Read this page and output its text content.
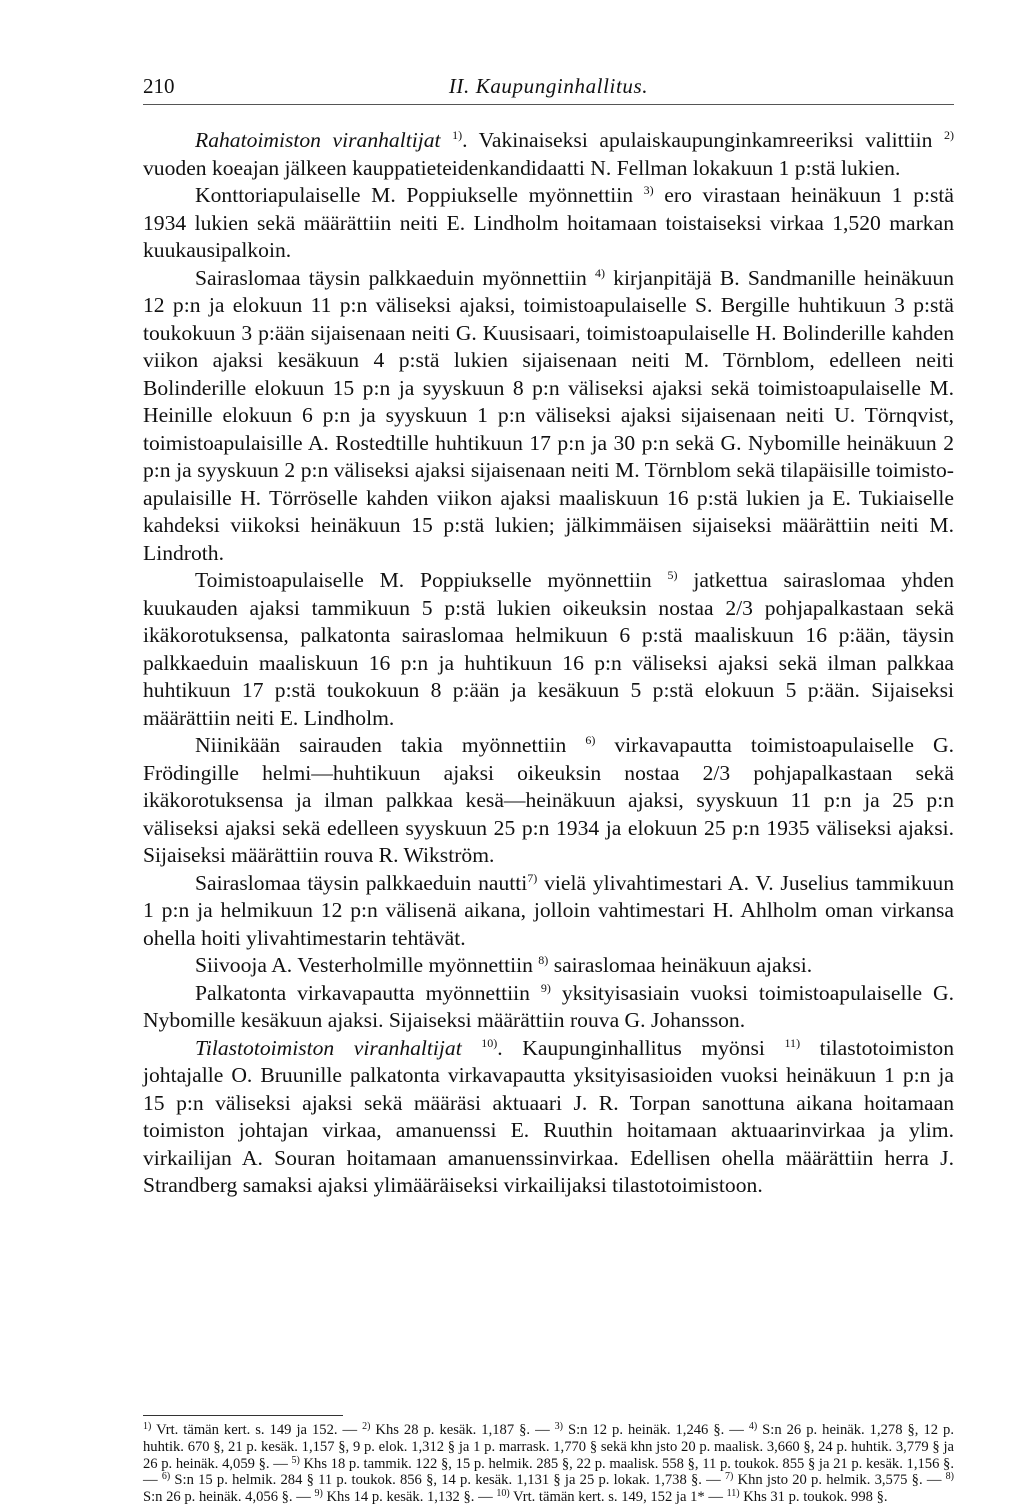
210	II. Kaupunginhallitus.

Rahatoimiston viranhaltijat $^{1)}$. Vakinaiseksi apulaiskaupunginkamreeriksi valittiin $^{2)}$ vuoden koeajan jälkeen kauppatieteidenkandidaatti N. Fellman lokakuun 1 p:stä lukien.

Konttoriapulaiselle M. Poppiukselle myönnettiin $^{3)}$ ero virastaan heinäkuun 1 p:stä 1934 lukien sekä määrättiin neiti E. Lindholm hoitamaan toistaiseksi virkaa 1,520 markan kuukausipalkoin.

Sairaslomaa täysin palkkaeduin myönnettiin $^{4)}$ kirjanpitäjä B. Sandmanille heinäkuun 12 p:n ja elokuun 11 p:n väliseksi ajaksi, toimistoapulaiselle S. Bergille huhtikuun 3 p:stä toukokuun 3 p:ään sijaisenaan neiti G. Kuusisaari, toimistoapulaiselle H. Bolinderille kahden viikon ajaksi kesäkuun 4 p:stä lukien sijaisenaan neiti M. Törnblom, edelleen neiti Bolinderille elokuun 15 p:n ja syyskuun 8 p:n väliseksi ajaksi sekä toimistoapulaiselle M. Heinille elokuun 6 p:n ja syyskuun 1 p:n väliseksi ajaksi sijaisenaan neiti U. Törnqvist, toimistoapulaisille A. Rostedtille huhtikuun 17 p:n ja 30 p:n sekä G. Nybomille heinäkuun 2 p:n ja syyskuun 2 p:n väliseksi ajaksi sijaisenaan neiti M. Törnblom sekä tilapäisille toimisto-apulaisille H. Törröselle kahden viikon ajaksi maaliskuun 16 p:stä lukien ja E. Tukiaiselle kahdeksi viikoksi heinäkuun 15 p:stä lukien; jälkimmäisen sijaiseksi määrättiin neiti M. Lindroth.

Toimistoapulaiselle M. Poppiukselle myönnettiin $^{5)}$ jatkettua sairaslomaa yhden kuukauden ajaksi tammikuun 5 p:stä lukien oikeuksin nostaa 2/3 pohjapalkastaan sekä ikäkorotuksensa, palkatonta sairaslomaa helmikuun 6 p:stä maaliskuun 16 p:ään, täysin palkkaeduin maaliskuun 16 p:n ja huhtikuun 16 p:n väliseksi ajaksi sekä ilman palkkaa huhtikuun 17 p:stä toukokuun 8 p:ään ja kesäkuun 5 p:stä elokuun 5 p:ään. Sijaiseksi määrättiin neiti E. Lindholm.

Niinikään sairauden takia myönnettiin $^{6)}$ virkavapautta toimistoapulaiselle G. Frödingille helmi—huhtikuun ajaksi oikeuksin nostaa 2/3 pohjapalkastaan sekä ikäkorotuksensa ja ilman palkkaa kesä—heinäkuun ajaksi, syyskuun 11 p:n ja 25 p:n väliseksi ajaksi sekä edelleen syyskuun 25 p:n 1934 ja elokuun 25 p:n 1935 väliseksi ajaksi. Sijaiseksi määrättiin rouva R. Wikström.

Sairaslomaa täysin palkkaeduin nautti$^{7)}$ vielä ylivahtimestari A. V. Juselius tammikuun 1 p:n ja helmikuun 12 p:n välisenä aikana, jolloin vahtimestari H. Ahlholm oman virkansa ohella hoiti ylivahtimestarin tehtävät.

Siivooja A. Vesterholmille myönnettiin $^{8)}$ sairaslomaa heinäkuun ajaksi.

Palkatonta virkavapautta myönnettiin $^{9)}$ yksityisasiain vuoksi toimistoapulaiselle G. Nybomille kesäkuun ajaksi. Sijaiseksi määrättiin rouva G. Johansson.

Tilastotoimiston viranhaltijat $^{10)}$. Kaupunginhallitus myönsi $^{11)}$ tilastotoimiston johtajalle O. Bruunille palkatonta virkavapautta yksityisasioiden vuoksi heinäkuun 1 p:n ja 15 p:n väliseksi ajaksi sekä määräsi aktuaari J. R. Torpan sanottuna aikana hoitamaan toimiston johtajan virkaa, amanuenssi E. Ruuthin hoitamaan aktuaarinvirkaa ja ylim. virkailijan A. Souran hoitamaan amanuenssinvirkaa. Edellisen ohella määrättiin herra J. Strandberg samaksi ajaksi ylimääräiseksi virkailijaksi tilastotoimistoon.

$^{1)}$ Vrt. tämän kert. s. 149 ja 152. — $^{2)}$ Khs 28 p. kesäk. 1,187 §. — $^{3)}$ S:n 12 p. heinäk. 1,246 §. — $^{4)}$ S:n 26 p. heinäk. 1,278 §, 12 p. huhtik. 670 §, 21 p. kesäk. 1,157 §, 9 p. elok. 1,312 § ja 1 p. marrask. 1,770 § sekä khn jsto 20 p. maalisk. 3,660 §, 24 p. huhtik. 3,779 § ja 26 p. heinäk. 4,059 §. — $^{5)}$ Khs 18 p. tammik. 122 §, 15 p. helmik. 285 §, 22 p. maalisk. 558 §, 11 p. toukok. 855 § ja 21 p. kesäk. 1,156 §. — $^{6)}$ S:n 15 p. helmik. 284 § 11 p. toukok. 856 §, 14 p. kesäk. 1,131 § ja 25 p. lokak. 1,738 §. — $^{7)}$ Khn jsto 20 p. helmik. 3,575 §. — $^{8)}$ S:n 26 p. heinäk. 4,056 §. — $^{9)}$ Khs 14 p. kesäk. 1,132 §. — $^{10)}$ Vrt. tämän kert. s. 149, 152 ja 1* — $^{11)}$ Khs 31 p. toukok. 998 §.
